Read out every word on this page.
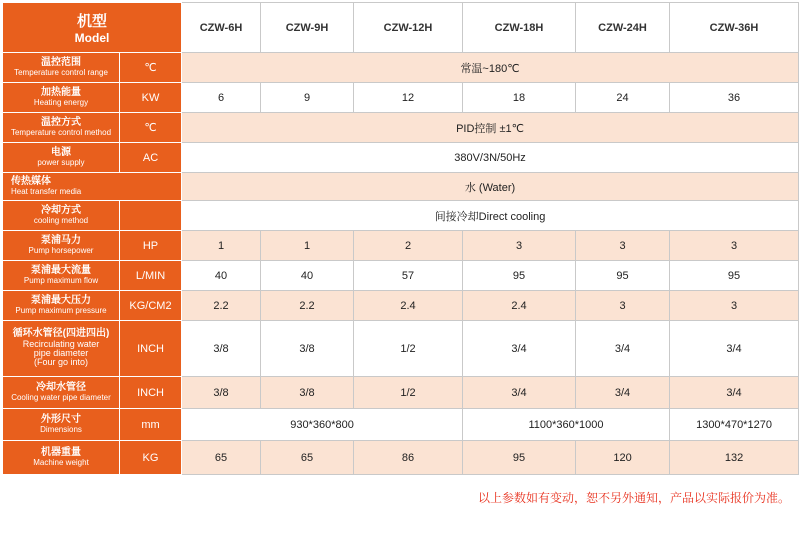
机型
Model		CZW-6H	CZW-9H	CZW-12H	CZW-18H	CZW-24H	CZW-36H

温控范围
Temperature control range	℃	常温~180℃					

加热能量
Heating energy	KW	6	9	12	18	24	36

温控方式
Temperature control method	℃	PID控制 ±1℃					

电源
power supply	AC	380V/3N/50Hz					

传热媒体
Heat transfer media		水 (Water)					

冷却方式
cooling method		间接冷却Direct cooling					

泵浦马力
Pump horsepower	HP	1	1	2	3	3	3

泵浦最大流量
Pump maximum flow	L/MIN	40	40	57	95	95	95

泵浦最大压力
Pump maximum pressure	KG/CM2	2.2	2.2	2.4	2.4	3	3

循环水管径(四进四出)
Recirculating water
pipe diameter
(Four go into)	INCH	3/8	3/8	1/2	3/4	3/4	3/4

冷却水管径
Cooling water pipe diameter	INCH	3/8	3/8	1/2	3/4	3/4	3/4

外形尺寸
Dimensions	mm	930*360*800			1100*360*1000		1300*470*1270

机器重量
Machine weight	KG	65	65	86	95	120	132
以上参数如有变动，恕不另外通知，产品以实际报价为准。
